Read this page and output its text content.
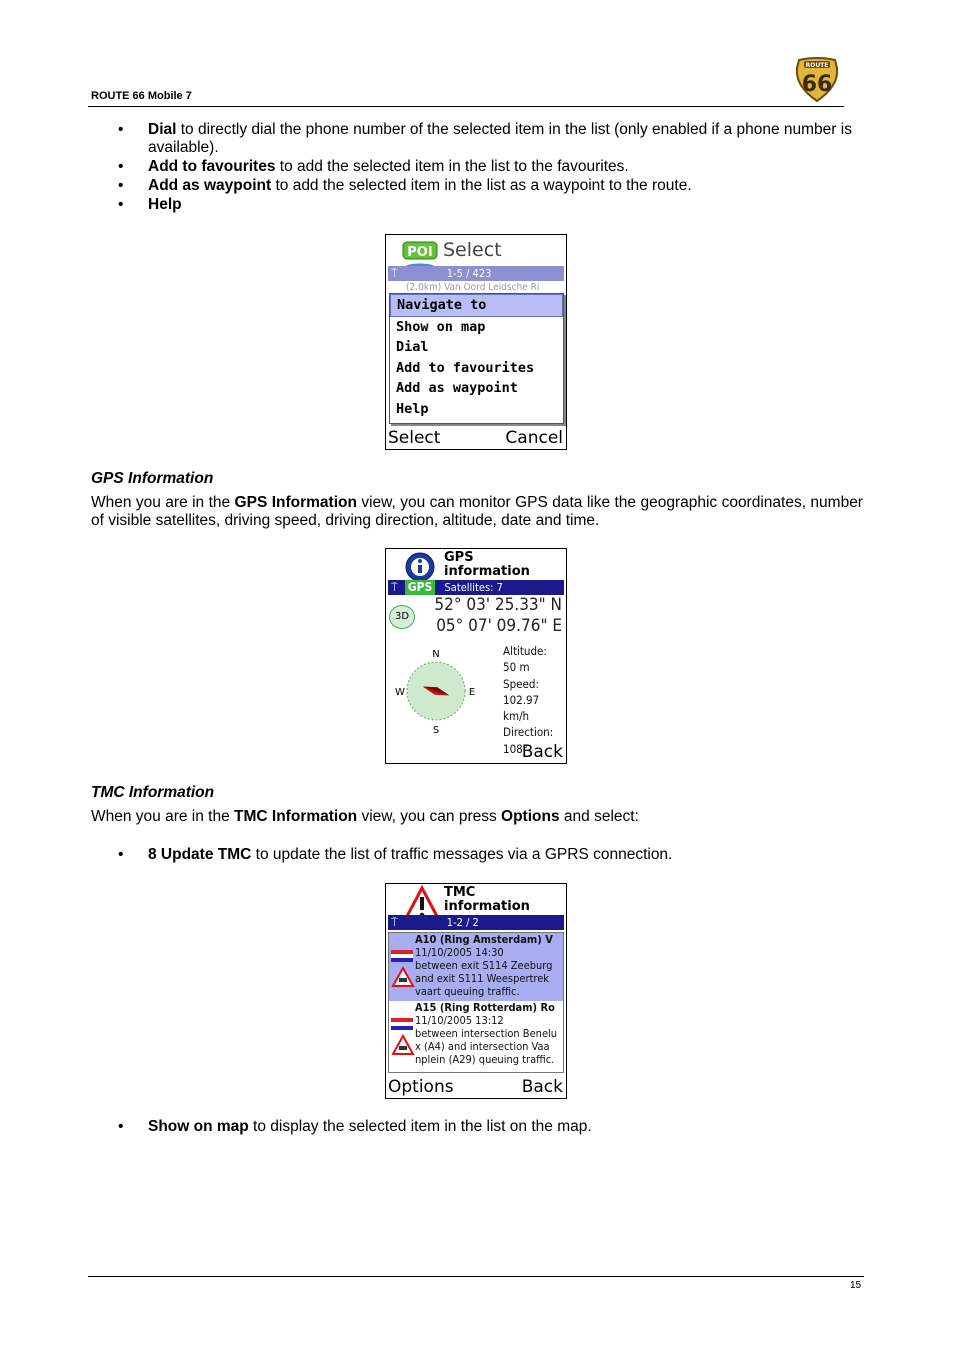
ROUTE 66 Mobile 7
ROUTE
66
• Dial to directly dial the phone number of the selected item in the list (only enabled if a phone number is available).
• Add to favourites to add the selected item in the list to the favourites.
• Add as waypoint to add the selected item in the list as a waypoint to the route.
• Help
POI Select
⍑	1-5 / 423
(2.0km) Van Oord Leidsche Ri
Navigate to
Show on map
Dial
Add to favourites
Add as waypoint
Help
Select	Cancel
GPS Information
When you are in the GPS Information view, you can monitor GPS data like the geographic coordinates, number of visible satellites, driving speed, driving direction, altitude, date and time.
GPS
information
⍑ GPS Satellites: 7
3D
52° 03' 25.33" N
05° 07' 09.76" E
N
S
W	E
Altitude:
50 m
Speed:
102.97 km/h
Direction:
108°
Back
TMC Information
When you are in the TMC Information view, you can press Options and select:
• 8 Update TMC to update the list of traffic messages via a GPRS connection.
TMC
information
⍑	1-2 / 2
A10 (Ring Amsterdam) V
11/10/2005 14:30
between exit S114 Zeeburg
and exit S111 Weespertrek
vaart queuing traffic.
A15 (Ring Rotterdam) Ro
11/10/2005 13:12
between intersection Benelu
x (A4) and intersection Vaa
nplein (A29) queuing traffic.
Options	Back
• Show on map to display the selected item in the list on the map.
15
